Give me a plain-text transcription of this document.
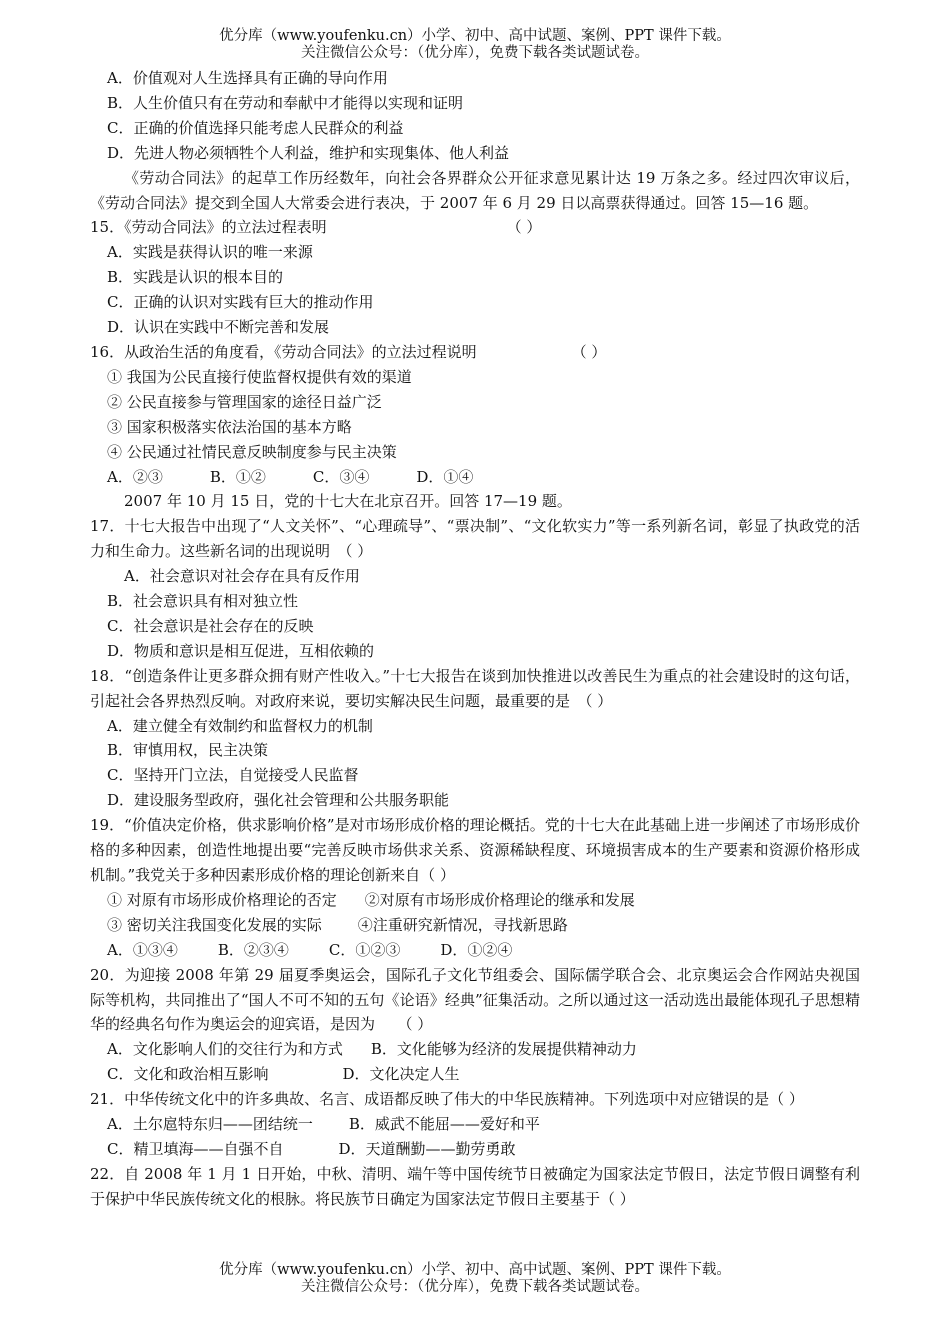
优分库（www.youfenku.cn）小学、初中、高中试题、案例、PPT 课件下载。
关注微信公众号：（优分库），免费下载各类试题试卷。
A．价值观对人生选择具有正确的导向作用
B．人生价值只有在劳动和奉献中才能得以实现和证明
C．正确的价值选择只能考虑人民群众的利益
D．先进人物必须牺牲个人利益，维护和实现集体、他人利益
《劳动合同法》的起草工作历经数年，向社会各界群众公开征求意见累计达 19 万条之多。经过四次审议后，《劳动合同法》提交到全国人大常委会进行表决，于 2007 年 6 月 29 日以高票获得通过。回答 15—16 题。
15．《劳动合同法》的立法过程表明	（ ）
A．实践是获得认识的唯一来源
B．实践是认识的根本目的
C．正确的认识对实践有巨大的推动作用
D．认识在实践中不断完善和发展
16．从政治生活的角度看，《劳动合同法》的立法过程说明	（ ）
① 我国为公民直接行使监督权提供有效的渠道
② 公民直接参与管理国家的途径日益广泛
③ 国家积极落实依法治国的基本方略
④ 公民通过社情民意反映制度参与民主决策
A．②③	B．①②	C．③④	D．①④
2007 年 10 月 15 日，党的十七大在北京召开。回答 17—19 题。
17．十七大报告中出现了“人文关怀”、“心理疏导”、“票决制”、“文化软实力”等一系列新名词，彰显了执政党的活力和生命力。这些新名词的出现说明　（ ）
A．社会意识对社会存在具有反作用
B．社会意识具有相对独立性
C．社会意识是社会存在的反映
D．物质和意识是相互促进，互相依赖的
18．“创造条件让更多群众拥有财产性收入。”十七大报告在谈到加快推进以改善民生为重点的社会建设时的这句话，引起社会各界热烈反响。对政府来说，要切实解决民生问题，最重要的是　（ ）
A．建立健全有效制约和监督权力的机制
B．审慎用权，民主决策
C．坚持开门立法，自觉接受人民监督
D．建设服务型政府，强化社会管理和公共服务职能
19．“价值决定价格，供求影响价格”是对市场形成价格的理论概括。党的十七大在此基础上进一步阐述了市场形成价格的多种因素，创造性地提出要“完善反映市场供求关系、资源稀缺程度、环境损害成本的生产要素和资源价格形成机制。”我党关于多种因素形成价格的理论创新来自（ ）
① 对原有市场形成价格理论的否定 ②对原有市场形成价格理论的继承和发展
③ 密切关注我国变化发展的实际 ④注重研究新情况，寻找新思路
A．①③④	B．②③④	C．①②③	D．①②④
20．为迎接 2008 年第 29 届夏季奥运会，国际孔子文化节组委会、国际儒学联合会、北京奥运会合作网站央视国际等机构，共同推出了“国人不可不知的五句《论语》经典”征集活动。之所以通过这一活动选出最能体现孔子思想精华的经典名句作为奥运会的迎宾语，是因为　　（ ）
A．文化影响人们的交往行为和方式 B．文化能够为经济的发展提供精神动力
C．文化和政治相互影响	D．文化决定人生
21．中华传统文化中的许多典故、名言、成语都反映了伟大的中华民族精神。下列选项中对应错误的是（ ）
A．土尔扈特东归——团结统一 B．威武不能屈——爱好和平
C．精卫填海——自强不自	D．天道酬勤——勤劳勇敢
22．自 2008 年 1 月 1 日开始，中秋、清明、端午等中国传统节日被确定为国家法定节假日，法定节假日调整有利于保护中华民族传统文化的根脉。将民族节日确定为国家法定节假日主要基于（ ）
优分库（www.youfenku.cn）小学、初中、高中试题、案例、PPT 课件下载。
关注微信公众号：（优分库），免费下载各类试题试卷。
